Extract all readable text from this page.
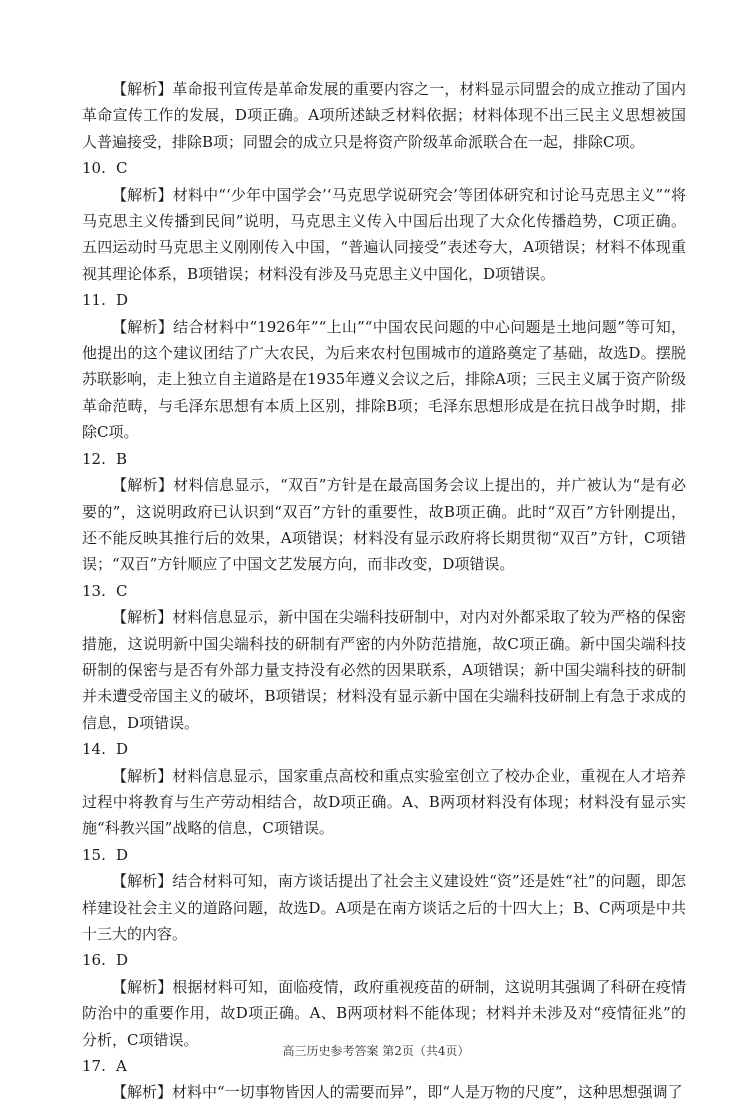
【解析】革命报刊宣传是革命发展的重要内容之一，材料显示同盟会的成立推动了国内革命宣传工作的发展，D项正确。A项所述缺乏材料依据；材料体现不出三民主义思想被国人普遍接受，排除B项；同盟会的成立只是将资产阶级革命派联合在一起，排除C项。

10. C

【解析】材料中“‘少年中国学会’‘马克思学说研究会’等团体研究和讨论马克思主义”“将马克思主义传播到民间”说明，马克思主义传入中国后出现了大众化传播趋势，C项正确。五四运动时马克思主义刚刚传入中国，“普遍认同接受”表述夸大，A项错误；材料不体现重视其理论体系，B项错误；材料没有涉及马克思主义中国化，D项错误。

11. D

【解析】结合材料中“1926年”“上山”“中国农民问题的中心问题是土地问题”等可知，他提出的这个建议团结了广大农民，为后来农村包围城市的道路奠定了基础，故选D。摆脱苏联影响，走上独立自主道路是在1935年遵义会议之后，排除A项；三民主义属于资产阶级革命范畴，与毛泽东思想有本质上区别，排除B项；毛泽东思想形成是在抗日战争时期，排除C项。

12. B

【解析】材料信息显示，“双百”方针是在最高国务会议上提出的，并广被认为“是有必要的”，这说明政府已认识到“双百”方针的重要性，故B项正确。此时“双百”方针刚提出，还不能反映其推行后的效果，A项错误；材料没有显示政府将长期贯彻“双百”方针，C项错误；“双百”方针顺应了中国文艺发展方向，而非改变，D项错误。

13. C

【解析】材料信息显示，新中国在尖端科技研制中，对内对外都采取了较为严格的保密措施，这说明新中国尖端科技的研制有严密的内外防范措施，故C项正确。新中国尖端科技研制的保密与是否有外部力量支持没有必然的因果联系，A项错误；新中国尖端科技的研制并未遭受帝国主义的破坏，B项错误；材料没有显示新中国在尖端科技研制上有急于求成的信息，D项错误。

14. D

【解析】材料信息显示，国家重点高校和重点实验室创立了校办企业，重视在人才培养过程中将教育与生产劳动相结合，故D项正确。A、B两项材料没有体现；材料没有显示实施“科教兴国”战略的信息，C项错误。

15. D

【解析】结合材料可知，南方谈话提出了社会主义建设姓“资”还是姓“社”的问题，即怎样建设社会主义的道路问题，故选D。A项是在南方谈话之后的十四大上；B、C两项是中共十三大的内容。

16. D

【解析】根据材料可知，面临疫情，政府重视疫苗的研制，这说明其强调了科研在疫情防治中的重要作用，故D项正确。A、B两项材料不能体现；材料并未涉及对“疫情征兆”的分析，C项错误。

17. A

【解析】材料中“一切事物皆因人的需要而异”，即“人是万物的尺度”，这种思想强调了

高三历史参考答案 第2页（共4页）
